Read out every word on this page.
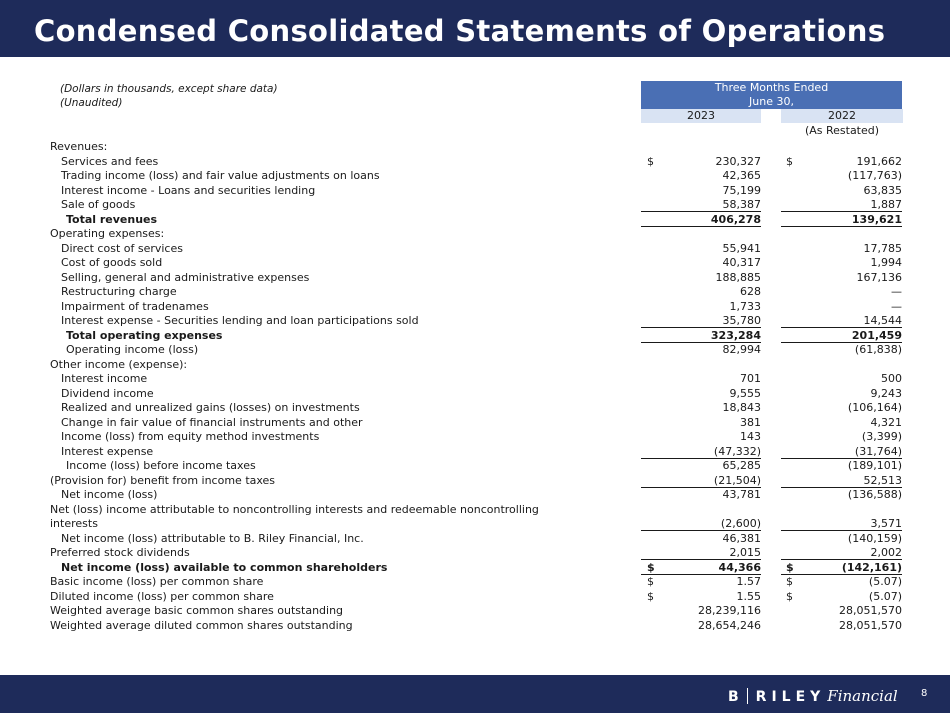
Condensed Consolidated Statements of Operations
(Dollars in thousands, except share data)
(Unaudited)
Three Months Ended
June 30,
2023	2022
(As Restated)
Revenues:
Services and fees	$	230,327 $	191,662
Trading income (loss) and fair value adjustments on loans	42,365	(117,763)
Interest income - Loans and securities lending	75,199	63,835
Sale of goods	58,387	1,887
Total revenues	406,278	139,621
Operating expenses:
Direct cost of services	55,941	17,785
Cost of goods sold	40,317	1,994
Selling, general and administrative expenses	188,885	167,136
Restructuring charge	628	—
Impairment of tradenames	1,733	—
Interest expense - Securities lending and loan participations sold	35,780	14,544
Total operating expenses	323,284	201,459
Operating income (loss)	82,994	(61,838)
Other income (expense):
Interest income	701	500
Dividend income	9,555	9,243
Realized and unrealized gains (losses) on investments	18,843	(106,164)
Change in fair value of financial instruments and other	381	4,321
Income (loss) from equity method investments	143	(3,399)
Interest expense	(47,332)	(31,764)
Income (loss) before income taxes	65,285	(189,101)
(Provision for) benefit from income taxes	(21,504)	52,513
Net income (loss)	43,781	(136,588)
Net (loss) income attributable to noncontrolling interests and redeemable noncontrolling
interests	(2,600)	3,571
Net income (loss) attributable to B. Riley Financial, Inc.	46,381	(140,159)
Preferred stock dividends	2,015	2,002
Net income (loss) available to common shareholders	$	44,366 $	(142,161)
Basic income (loss) per common share	$	1.57 $	(5.07)
Diluted income (loss) per common share	$	1.55 $	(5.07)
Weighted average basic common shares outstanding	28,239,116	28,051,570
Weighted average diluted common shares outstanding	28,654,246	28,051,570
B RILEY Financial 8
